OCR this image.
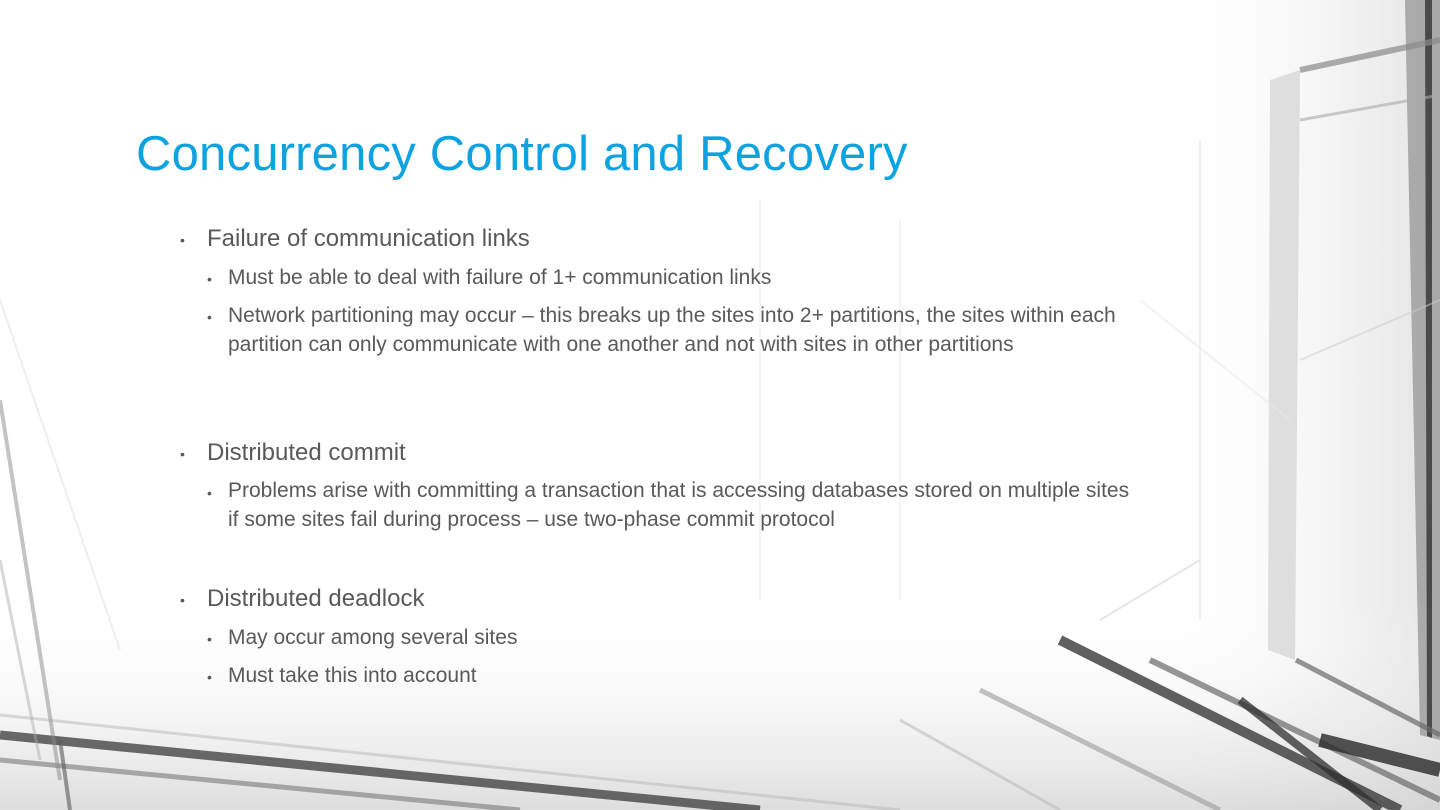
Concurrency Control and Recovery
• Failure of communication links
• Must be able to deal with failure of 1+ communication links
• Network partitioning may occur – this breaks up the sites into 2+ partitions, the sites within each partition can only communicate with one another and not with sites in other partitions
• Distributed commit
• Problems arise with committing a transaction that is accessing databases stored on multiple sites if some sites fail during process – use two-phase commit protocol
• Distributed deadlock
• May occur among several sites
• Must take this into account
